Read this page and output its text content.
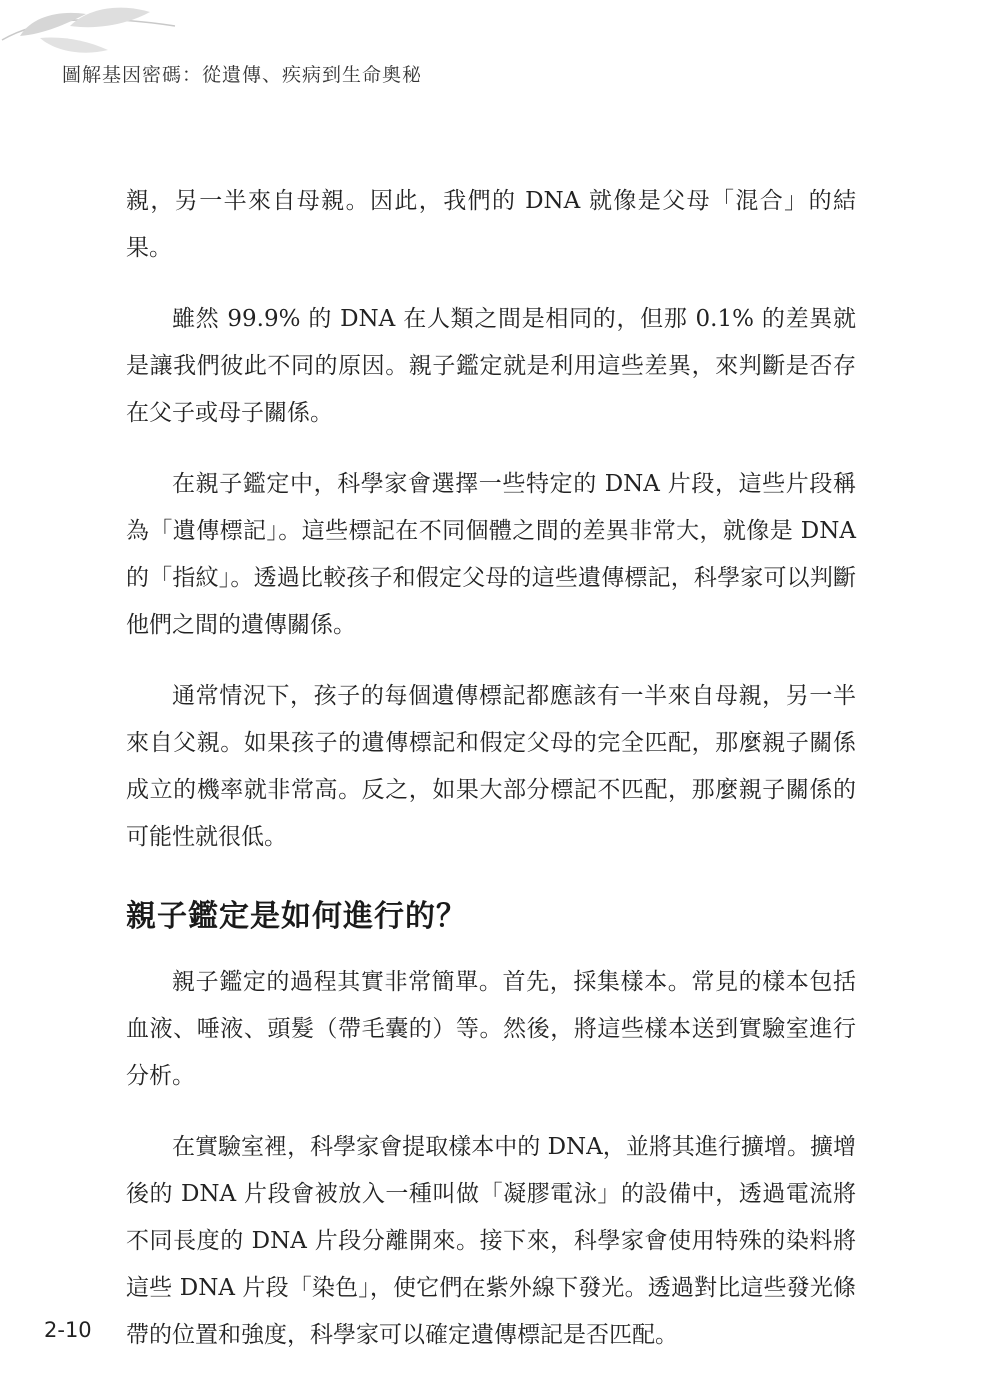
圖解基因密碼：從遺傳、疾病到生命奧秘

親，另一半來自母親。因此，我們的 DNA 就像是父母「混合」的結果。

雖然 99.9% 的 DNA 在人類之間是相同的，但那 0.1% 的差異就是讓我們彼此不同的原因。親子鑑定就是利用這些差異，來判斷是否存在父子或母子關係。

在親子鑑定中，科學家會選擇一些特定的 DNA 片段，這些片段稱為「遺傳標記」。這些標記在不同個體之間的差異非常大，就像是 DNA 的「指紋」。透過比較孩子和假定父母的這些遺傳標記，科學家可以判斷他們之間的遺傳關係。

通常情況下，孩子的每個遺傳標記都應該有一半來自母親，另一半來自父親。如果孩子的遺傳標記和假定父母的完全匹配，那麼親子關係成立的機率就非常高。反之，如果大部分標記不匹配，那麼親子關係的可能性就很低。

親子鑑定是如何進行的？

親子鑑定的過程其實非常簡單。首先，採集樣本。常見的樣本包括血液、唾液、頭髮（帶毛囊的）等。然後，將這些樣本送到實驗室進行分析。

在實驗室裡，科學家會提取樣本中的 DNA，並將其進行擴增。擴增後的 DNA 片段會被放入一種叫做「凝膠電泳」的設備中，透過電流將不同長度的 DNA 片段分離開來。接下來，科學家會使用特殊的染料將這些 DNA 片段「染色」，使它們在紫外線下發光。透過對比這些發光條帶的位置和強度，科學家可以確定遺傳標記是否匹配。

2-10
